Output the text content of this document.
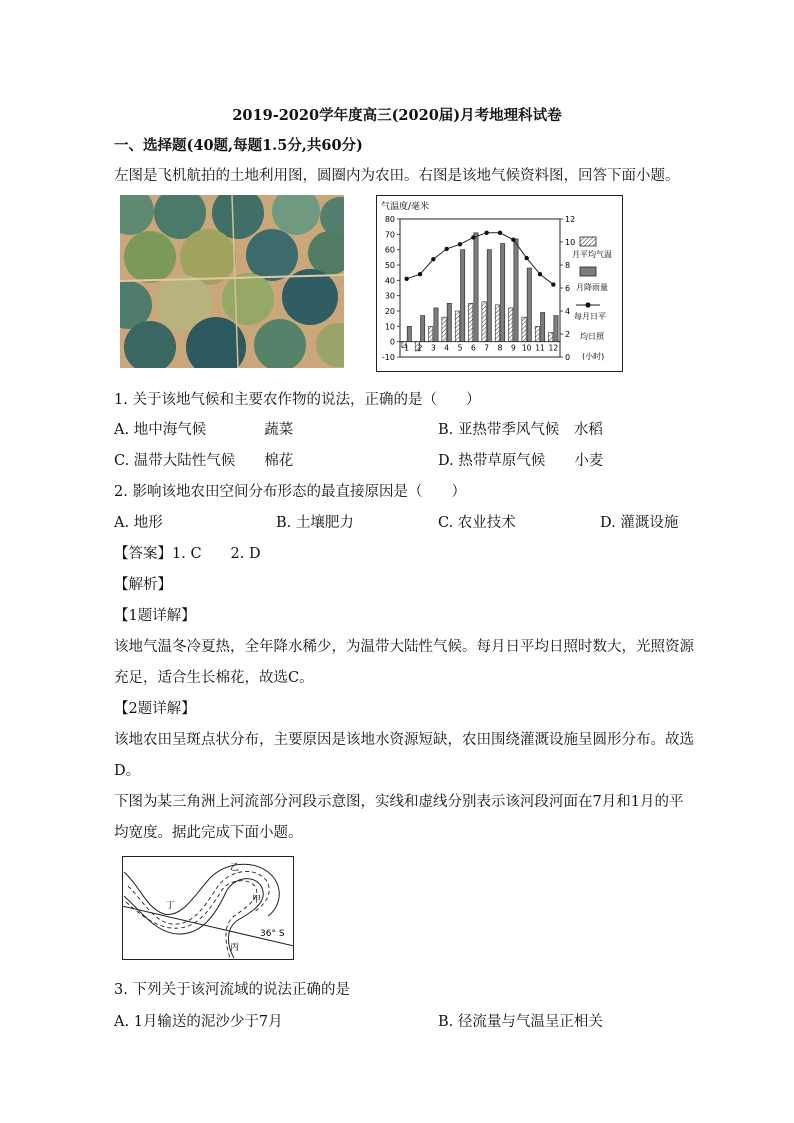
2019-2020学年度高三(2020届)月考地理科试卷
一、选择题(40题,每题1.5分,共60分)
左图是飞机航拍的土地利用图，圆圈内为农田。右图是该地气候资料图，回答下面小题。
80
70
60
50
40
30
20
10
0
-10
12
10
8
6
4
2
0
1 2 3 4 5 6 7 8 9 10 11 12
气温度/毫米
月平均气温
月降雨量
每月日平
均日照
(小时)
1. 关于该地气候和主要农作物的说法，正确的是（　　）
A. 地中海气候　　　　蔬菜	B. 亚热带季风气候　水稻
C. 温带大陆性气候　　棉花	D. 热带草原气候　　小麦
2. 影响该地农田空间分布形态的最直接原因是（　　）
A. 地形	B. 土壤肥力	C. 农业技术	D. 灌溉设施
【答案】1. C　　2. D
【解析】
【1题详解】
该地气温冬冷夏热，全年降水稀少，为温带大陆性气候。每月日平均日照时数大，光照资源
充足，适合生长棉花，故选C。
【2题详解】
该地农田呈斑点状分布，主要原因是该地水资源短缺，农田围绕灌溉设施呈圆形分布。故选
D。
下图为某三角洲上河流部分河段示意图，实线和虚线分别表示该河段河面在7月和1月的平
均宽度。据此完成下面小题。
乙
甲
丁
丙
36° S
3. 下列关于该河流域的说法正确的是
A. 1月输送的泥沙少于7月	B. 径流量与气温呈正相关
